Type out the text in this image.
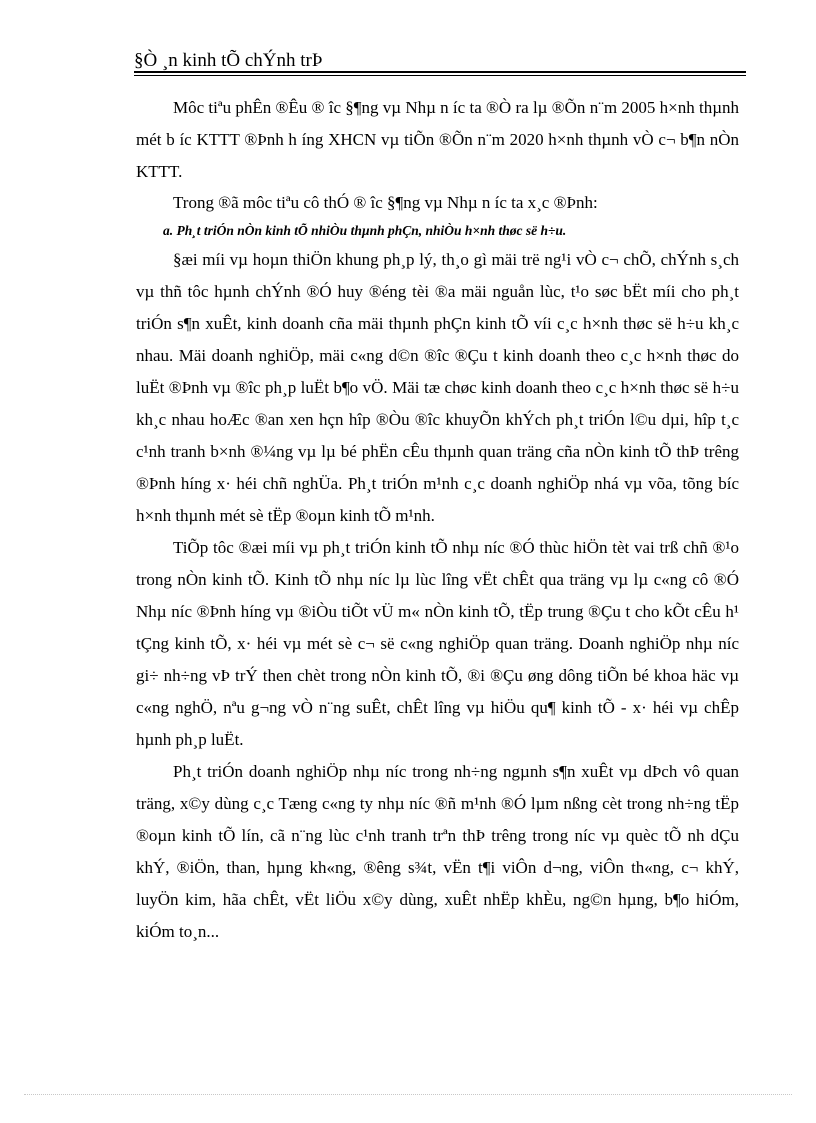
§Ò ¸n kinh tÕ chÝnh trÞ

Môc tiªu phÊn ®Êu ® îc §¶ng vµ Nhµ n íc ta ®Ò ra lµ ®Õn n¨m 2005 h×nh thµnh mét b íc KTTT ®Þnh h íng XHCN vµ tiÕn ®Õn n¨m 2020 h×nh thµnh vÒ c¬ b¶n nÒn KTTT.

Trong ®ã môc tiªu cô thÓ ® îc §¶ng vµ Nhµ n íc ta x¸c ®Þnh:

a. Ph¸t triÓn nÒn kinh tÕ nhiÒu thµnh phÇn, nhiÒu h×nh thøc së h÷u.

§æi míi vµ hoµn thiÖn khung ph¸p lý, th¸o gì mäi trë ng¹i vÒ c¬ chÕ, chÝnh s¸ch vµ thñ tôc hµnh chÝnh ®Ó huy ®éng tèi ®a mäi nguån lùc, t¹o søc bËt míi cho ph¸t triÓn s¶n xuÊt, kinh doanh cña mäi thµnh phÇn kinh tÕ víi c¸c h×nh thøc së h÷u kh¸c nhau. Mäi doanh nghiÖp, mäi c«ng d©n ®îc ®Çu t kinh doanh theo c¸c h×nh thøc do luËt ®Þnh vµ ®îc ph¸p luËt b¶o vÖ. Mäi tæ chøc kinh doanh theo c¸c h×nh thøc së h÷u kh¸c nhau hoÆc ®an xen hçn hîp ®Òu ®îc khuyÕn khÝch ph¸t triÓn l©u dµi, hîp t¸c c¹nh tranh b×nh ®¼ng vµ lµ bé phËn cÊu thµnh quan träng cña nÒn kinh tÕ thÞ trêng ®Þnh híng x· héi chñ nghÜa. Ph¸t triÓn m¹nh c¸c doanh nghiÖp nhá vµ võa, tõng bíc h×nh thµnh mét sè tËp ®oµn kinh tÕ m¹nh.

TiÕp tôc ®æi míi vµ ph¸t triÓn kinh tÕ nhµ níc ®Ó thùc hiÖn tèt vai trß chñ ®¹o trong nÒn kinh tÕ. Kinh tÕ nhµ níc lµ lùc lîng vËt chÊt qua träng vµ lµ c«ng cô ®Ó Nhµ níc ®Þnh híng vµ ®iÒu tiÕt vÜ m« nÒn kinh tÕ, tËp trung ®Çu t cho kÕt cÊu h¹ tÇng kinh tÕ, x· héi vµ mét sè c¬ së c«ng nghiÖp quan träng. Doanh nghiÖp nhµ níc gi÷ nh÷ng vÞ trÝ then chèt trong nÒn kinh tÕ, ®i ®Çu øng dông tiÕn bé khoa häc vµ c«ng nghÖ, nªu g¬ng vÒ n¨ng suÊt, chÊt lîng vµ hiÖu qu¶ kinh tÕ - x· héi vµ chÊp hµnh ph¸p luËt.

Ph¸t triÓn doanh nghiÖp nhµ níc trong nh÷ng ngµnh s¶n xuÊt vµ dÞch vô quan träng, x©y dùng c¸c Tæng c«ng ty nhµ níc ®ñ m¹nh ®Ó lµm nßng cèt trong nh÷ng tËp ®oµn kinh tÕ lín, cã n¨ng lùc c¹nh tranh trªn thÞ trêng trong níc vµ quèc tÕ nh dÇu khÝ, ®iÖn, than, hµng kh«ng, ®êng s¾t, vËn t¶i viÔn d¬ng, viÔn th«ng, c¬ khÝ, luyÖn kim, hãa chÊt, vËt liÖu x©y dùng, xuÊt nhËp khÈu, ng©n hµng, b¶o hiÓm, kiÓm to¸n...
